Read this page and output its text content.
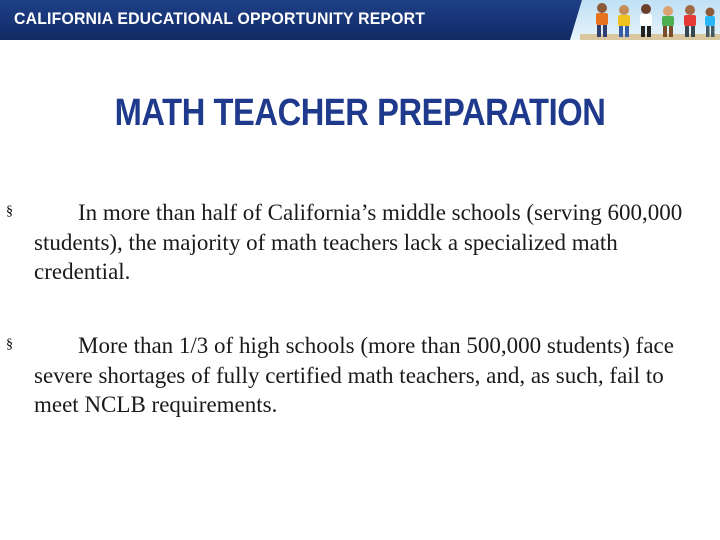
CALIFORNIA EDUCATIONAL OPPORTUNITY REPORT
MATH TEACHER PREPARATION
§	In more than half of California’s middle schools (serving 600,000 students), the majority of math teachers lack a specialized math credential.
§	More than 1/3 of high schools (more than 500,000 students) face severe shortages of fully certified math teachers, and, as such, fail to meet NCLB requirements.
